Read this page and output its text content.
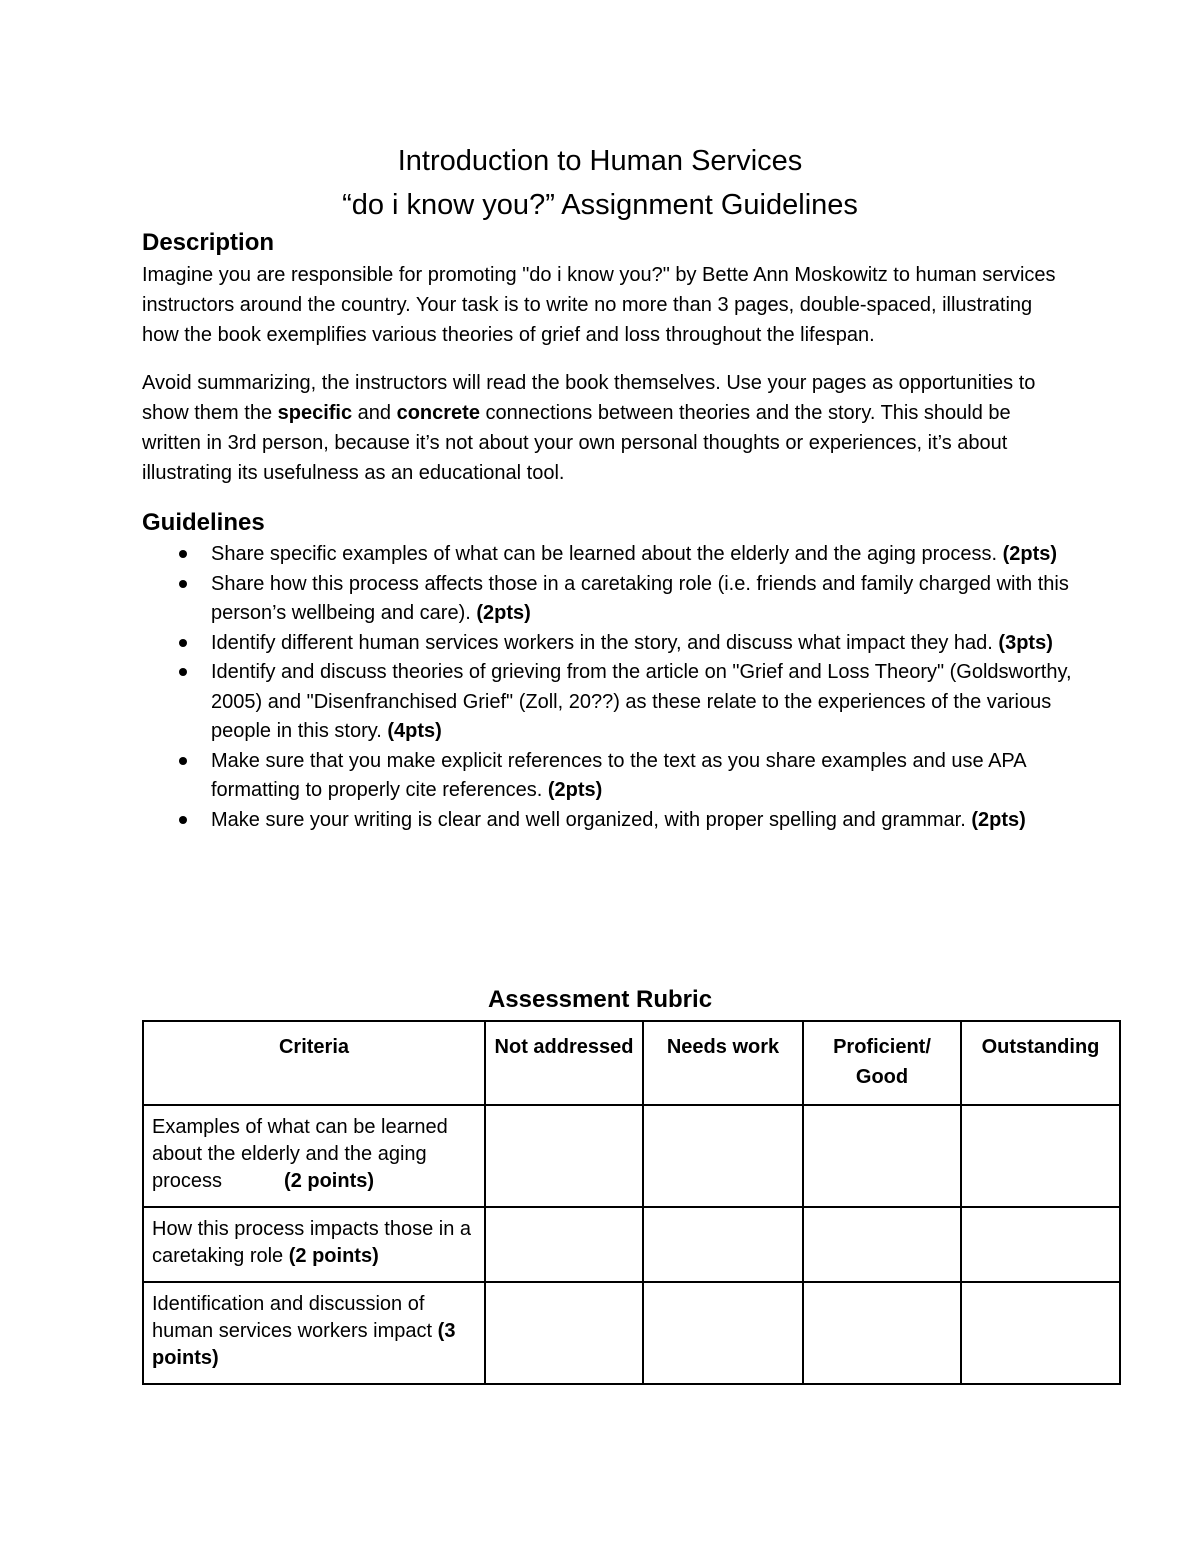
Introduction to Human Services

“do i know you?” Assignment Guidelines

Description

Imagine you are responsible for promoting "do i know you?" by Bette Ann Moskowitz to human services instructors around the country. Your task is to write no more than 3 pages, double-spaced, illustrating how the book exemplifies various theories of grief and loss throughout the lifespan.

Avoid summarizing, the instructors will read the book themselves. Use your pages as opportunities to show them the specific and concrete connections between theories and the story. This should be written in 3rd person, because it’s not about your own personal thoughts or experiences, it’s about illustrating its usefulness as an educational tool.

Guidelines
Share specific examples of what can be learned about the elderly and the aging process. (2pts)
Share how this process affects those in a caretaking role (i.e. friends and family charged with this person’s wellbeing and care). (2pts)
Identify different human services workers in the story, and discuss what impact they had. (3pts)
Identify and discuss theories of grieving from the article on "Grief and Loss Theory" (Goldsworthy, 2005) and "Disenfranchised Grief" (Zoll, 20??) as these relate to the experiences of the various people in this story. (4pts)
Make sure that you make explicit references to the text as you share examples and use APA formatting to properly cite references. (2pts)
Make sure your writing is clear and well organized, with proper spelling and grammar. (2pts)
Assessment Rubric
Criteria	Not addressed	Needs work	Proficient/ Good	Outstanding
Examples of what can be learned about the elderly and the aging process (2 points)				
How this process impacts those in a caretaking role (2 points)				
Identification and discussion of human services workers impact (3 points)				
